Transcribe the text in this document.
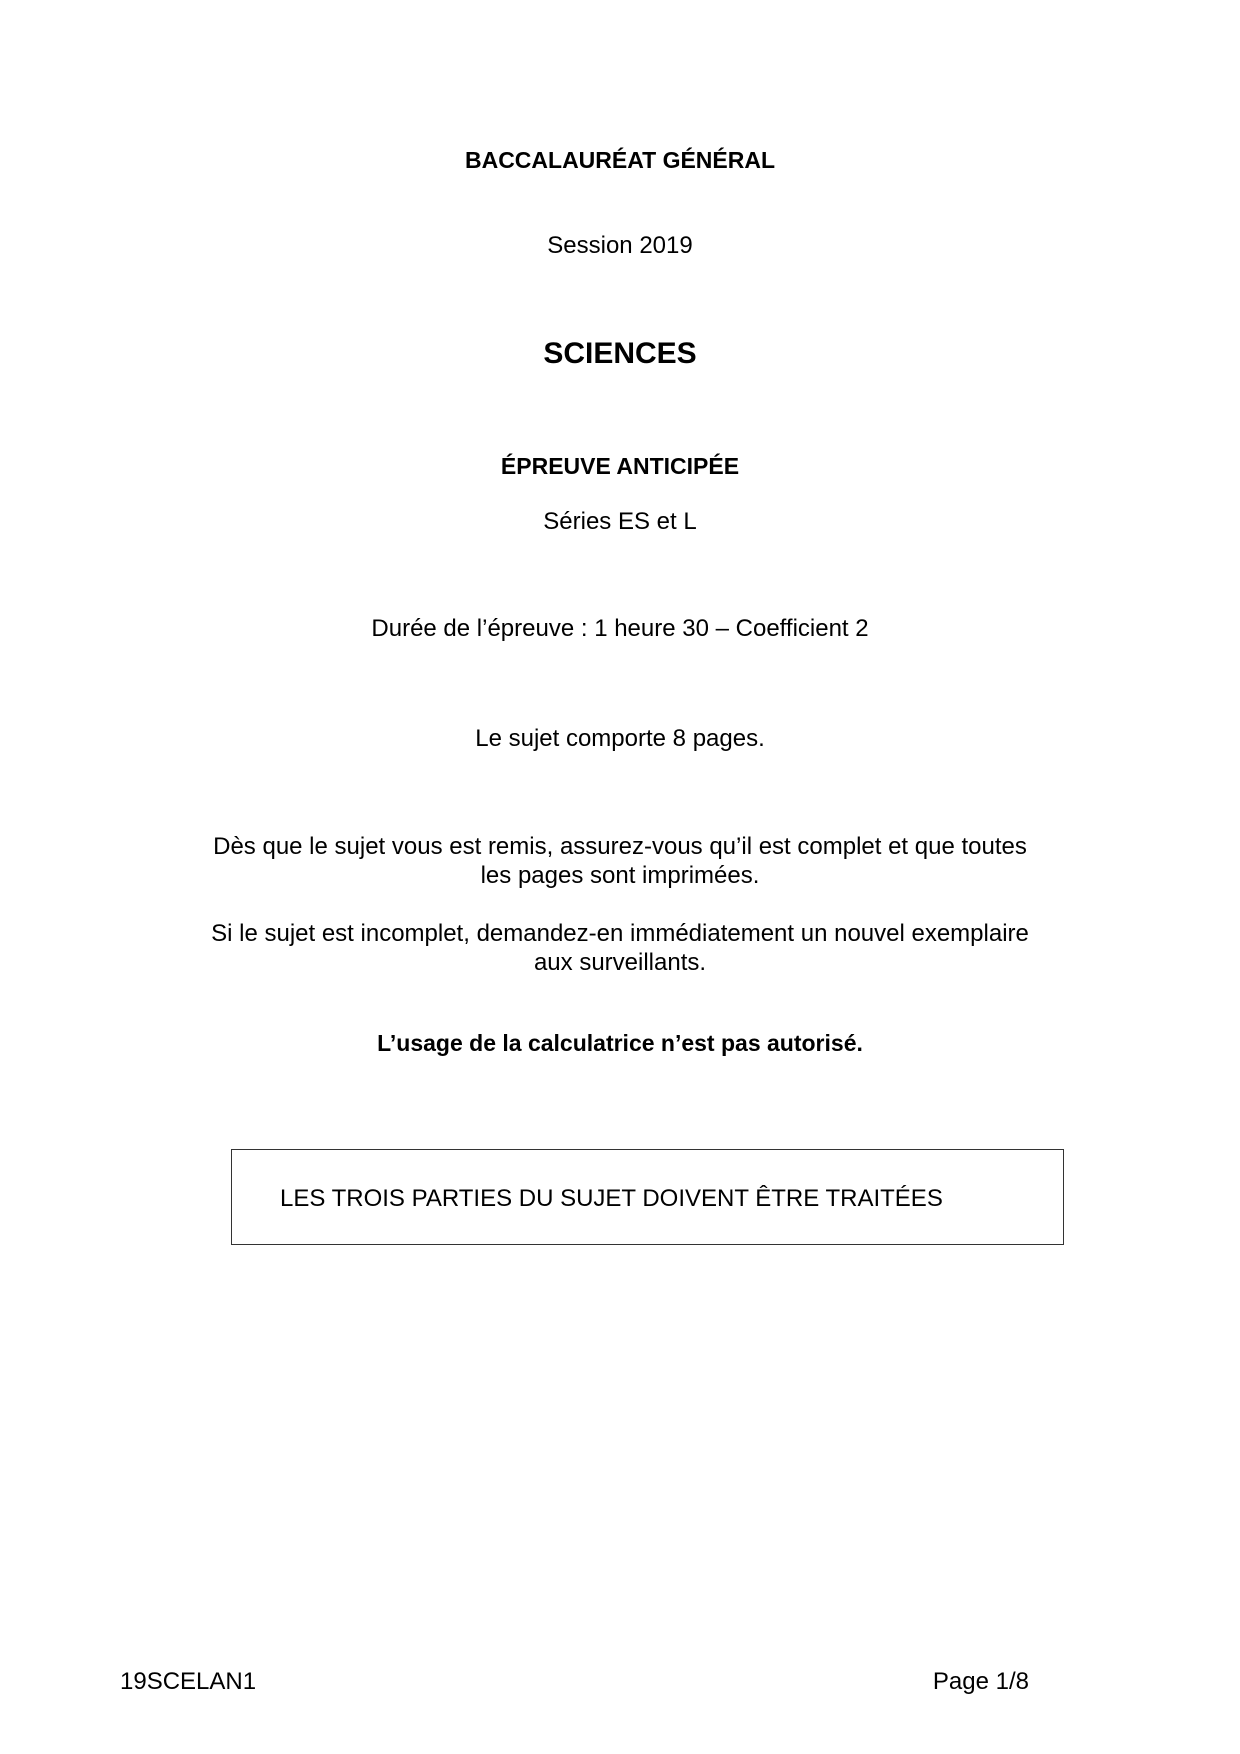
BACCALAURÉAT GÉNÉRAL
Session 2019
SCIENCES
ÉPREUVE ANTICIPÉE
Séries ES et L
Durée de l’épreuve : 1 heure 30 – Coefficient 2
Le sujet comporte 8 pages.
Dès que le sujet vous est remis, assurez-vous qu’il est complet et que toutes
les pages sont imprimées.
Si le sujet est incomplet, demandez-en immédiatement un nouvel exemplaire
aux surveillants.
L’usage de la calculatrice n’est pas autorisé.
LES TROIS PARTIES DU SUJET DOIVENT ÊTRE TRAITÉES
19SCELAN1	Page 1/8
